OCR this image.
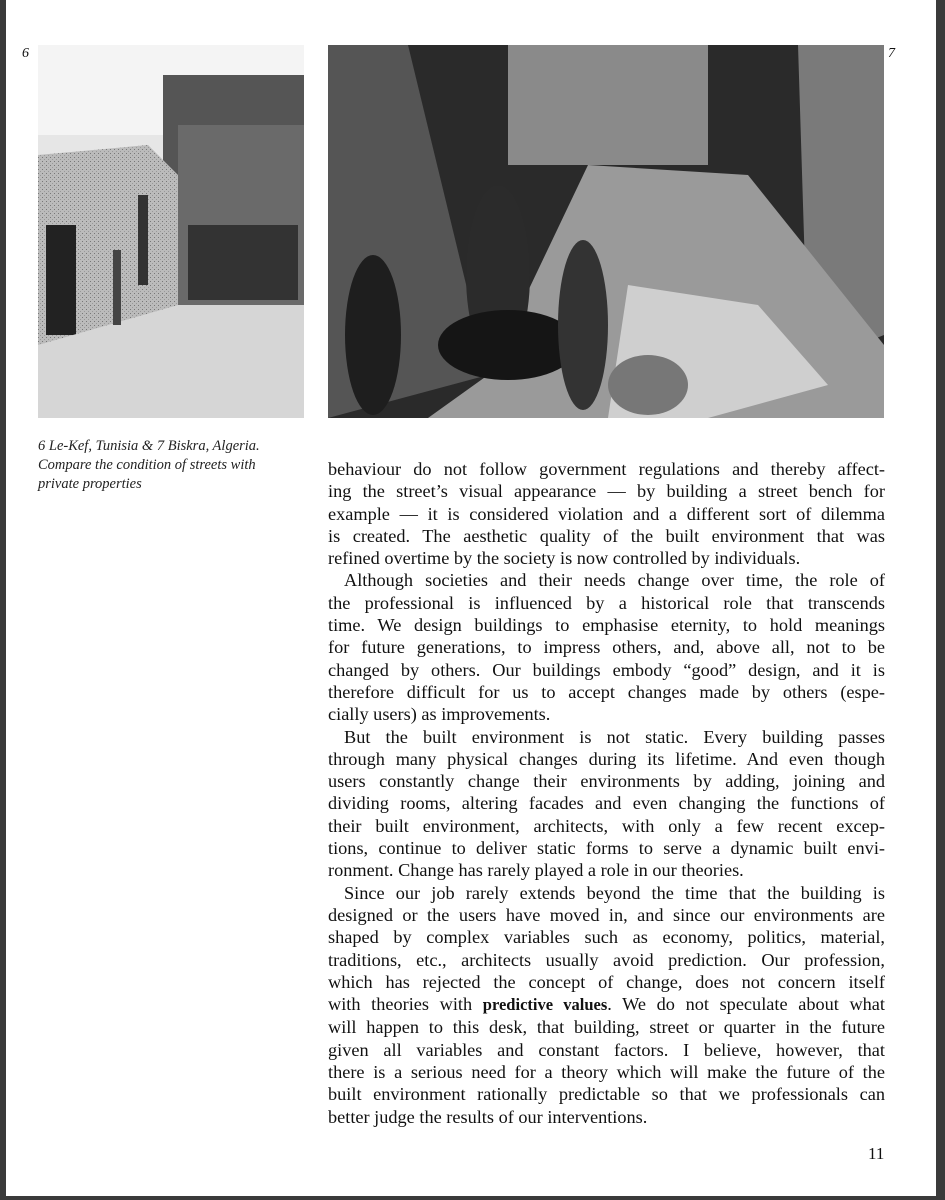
6	7
6 Le-Kef, Tunisia & 7 Biskra, Algeria.
Compare the condition of streets with
private properties
behaviour do not follow government regulations and thereby affect-
ing the street’s visual appearance — by building a street bench for
example — it is considered violation and a different sort of dilemma
is created. The aesthetic quality of the built environment that was
refined overtime by the society is now controlled by individuals.
Although societies and their needs change over time, the role of
the professional is influenced by a historical role that transcends
time. We design buildings to emphasise eternity, to hold meanings
for future generations, to impress others, and, above all, not to be
changed by others. Our buildings embody “good” design, and it is
therefore difficult for us to accept changes made by others (espe-
cially users) as improvements.
But the built environment is not static. Every building passes
through many physical changes during its lifetime. And even though
users constantly change their environments by adding, joining and
dividing rooms, altering facades and even changing the functions of
their built environment, architects, with only a few recent excep-
tions, continue to deliver static forms to serve a dynamic built envi-
ronment. Change has rarely played a role in our theories.
Since our job rarely extends beyond the time that the building is
designed or the users have moved in, and since our environments are
shaped by complex variables such as economy, politics, material,
traditions, etc., architects usually avoid prediction. Our profession,
which has rejected the concept of change, does not concern itself
with theories with predictive values. We do not speculate about what
will happen to this desk, that building, street or quarter in the future
given all variables and constant factors. I believe, however, that
there is a serious need for a theory which will make the future of the
built environment rationally predictable so that we professionals can
better judge the results of our interventions.
11
